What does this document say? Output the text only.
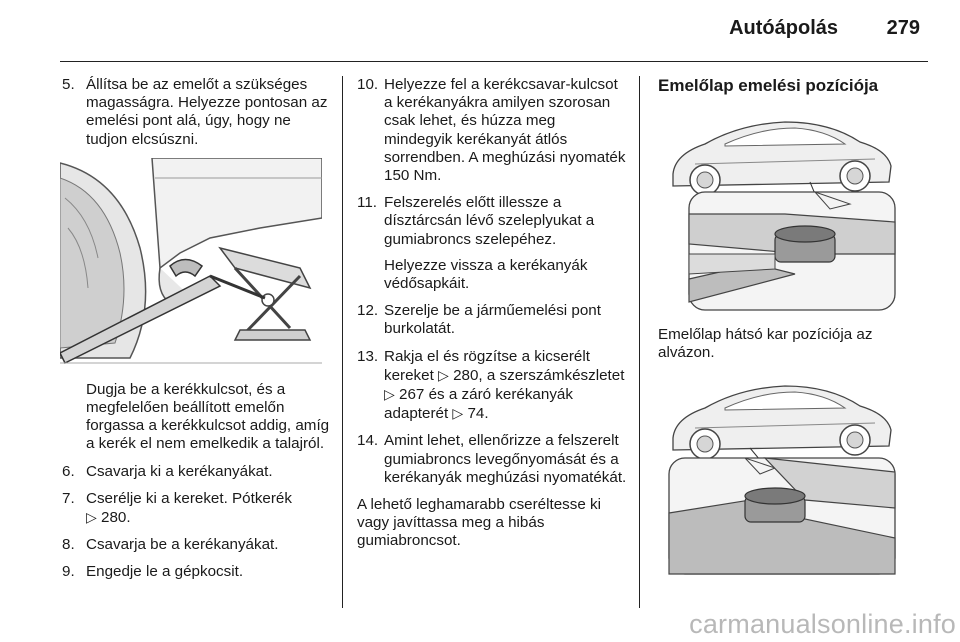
Autóápolás 279
5. Állítsa be az emelőt a szükséges magasságra. Helyezze pontosan az emelési pont alá, úgy, hogy ne tudjon elcsúszni.
Dugja be a kerékkulcsot, és a megfelelően beállított emelőn forgassa a kerékkulcsot addig, amíg a kerék el nem emelkedik a talajról.
6. Csavarja ki a kerékanyákat.
7. Cserélje ki a kereket. Pótkerék
▷ 280.
8. Csavarja be a kerékanyákat.
9. Engedje le a gépkocsit.
10. Helyezze fel a kerékcsavar-kulcsot a kerékanyákra amilyen szorosan csak lehet, és húzza meg mindegyik kerékanyát átlós sorrendben. A meghúzási nyomaték 150 Nm.
11. Felszerelés előtt illessze a dísztárcsán lévő szeleplyukat a gumiabroncs szelepéhez.
Helyezze vissza a kerékanyák védősapkáit.
12. Szerelje be a járműemelési pont burkolatát.
13. Rakja el és rögzítse a kicserélt kereket ▷ 280, a szerszámkészletet ▷ 267 és a záró kerékanyák adapterét ▷ 74.
14. Amint lehet, ellenőrizze a felszerelt gumiabroncs levegőnyomását és a kerékanyák meghúzási nyomatékát.
A lehető leghamarabb cseréltesse ki vagy javíttassa meg a hibás gumiabroncsot.
Emelőlap emelési pozíciója
Emelőlap hátsó kar pozíciója az alvázon.
carmanualsonline.info
